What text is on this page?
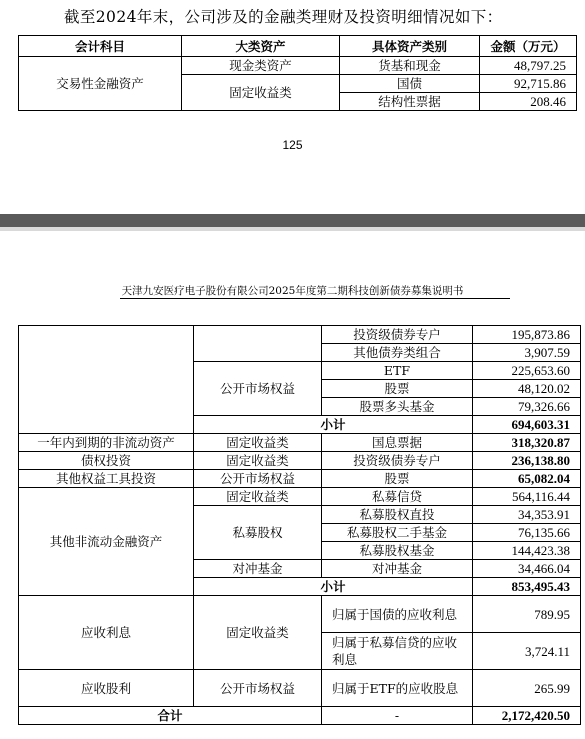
截至2024年末，公司涉及的金融类理财及投资明细情况如下：
会计科目	大类资产	具体资产类别	金额（万元）
交易性金融资产	现金类资产	货基和现金	48,797.25
	固定收益类	国债	92,715.86
		结构性票据	208.46
125
天津九安医疗电子股份有限公司2025年度第二期科技创新债券募集说明书
		投资级债券专户	195,873.86
		其他债券类组合	3,907.59
	公开市场权益	ETF	225,653.60
		股票	48,120.02
		股票多头基金	79,326.66
	小计		694,603.31
一年内到期的非流动资产	固定收益类	国息票据	318,320.87
债权投资	固定收益类	投资级债券专户	236,138.80
其他权益工具投资	公开市场权益	股票	65,082.04
其他非流动金融资产	固定收益类	私募信贷	564,116.44
	私募股权	私募股权直投	34,353.91
		私募股权二手基金	76,135.66
		私募股权基金	144,423.38
	对冲基金	对冲基金	34,466.04
	小计		853,495.43
应收利息	固定收益类	归属于国债的应收利息	789.95
		归属于私募信贷的应收利息	3,724.11
应收股利	公开市场权益	归属于ETF的应收股息	265.99
合计		-	2,172,420.50
